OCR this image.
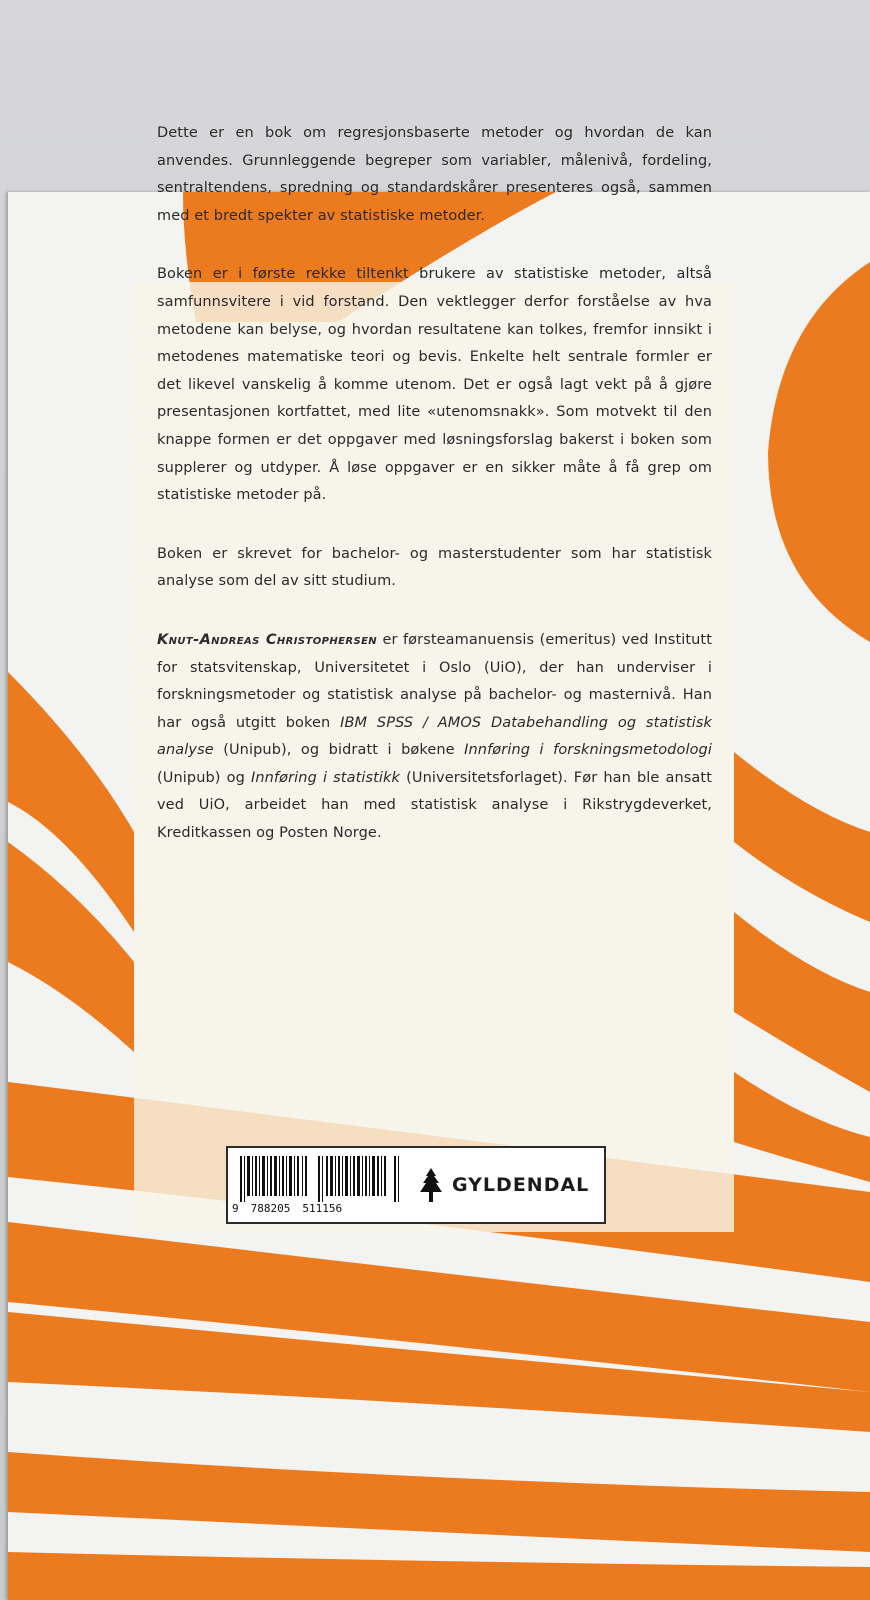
Dette er en bok om regresjonsbaserte metoder og hvordan de kan anvendes. Grunnleggende begreper som variabler, målenivå, fordeling, sentraltendens, spredning og standardskårer presenteres også, sammen med et bredt spekter av statistiske metoder.

Boken er i første rekke tiltenkt brukere av statistiske metoder, altså samfunnsvitere i vid forstand. Den vektlegger derfor forståelse av hva metodene kan belyse, og hvordan resultatene kan tolkes, fremfor innsikt i metodenes matematiske teori og bevis. Enkelte helt sentrale formler er det likevel vanskelig å komme utenom. Det er også lagt vekt på å gjøre presentasjonen kortfattet, med lite «utenomsnakk». Som motvekt til den knappe formen er det oppgaver med løsningsforslag bakerst i boken som supplerer og utdyper. Å løse oppgaver er en sikker måte å få grep om statistiske metoder på.

Boken er skrevet for bachelor- og masterstudenter som har statistisk analyse som del av sitt studium.

Knut-Andreas Christophersen er førsteamanuensis (emeritus) ved Institutt for statsvitenskap, Universitetet i Oslo (UiO), der han underviser i forskningsmetoder og statistisk analyse på bachelor- og masternivå. Han har også utgitt boken IBM SPSS / AMOS Databehandling og statistisk analyse (Unipub), og bidratt i bøkene Innføring i forskningsmetodologi (Unipub) og Innføring i statistikk (Universitetsforlaget). Før han ble ansatt ved UiO, arbeidet han med statistisk analyse i Rikstrygdeverket, Kreditkassen og Posten Norge.

9 788205 511156
GYLDENDAL
